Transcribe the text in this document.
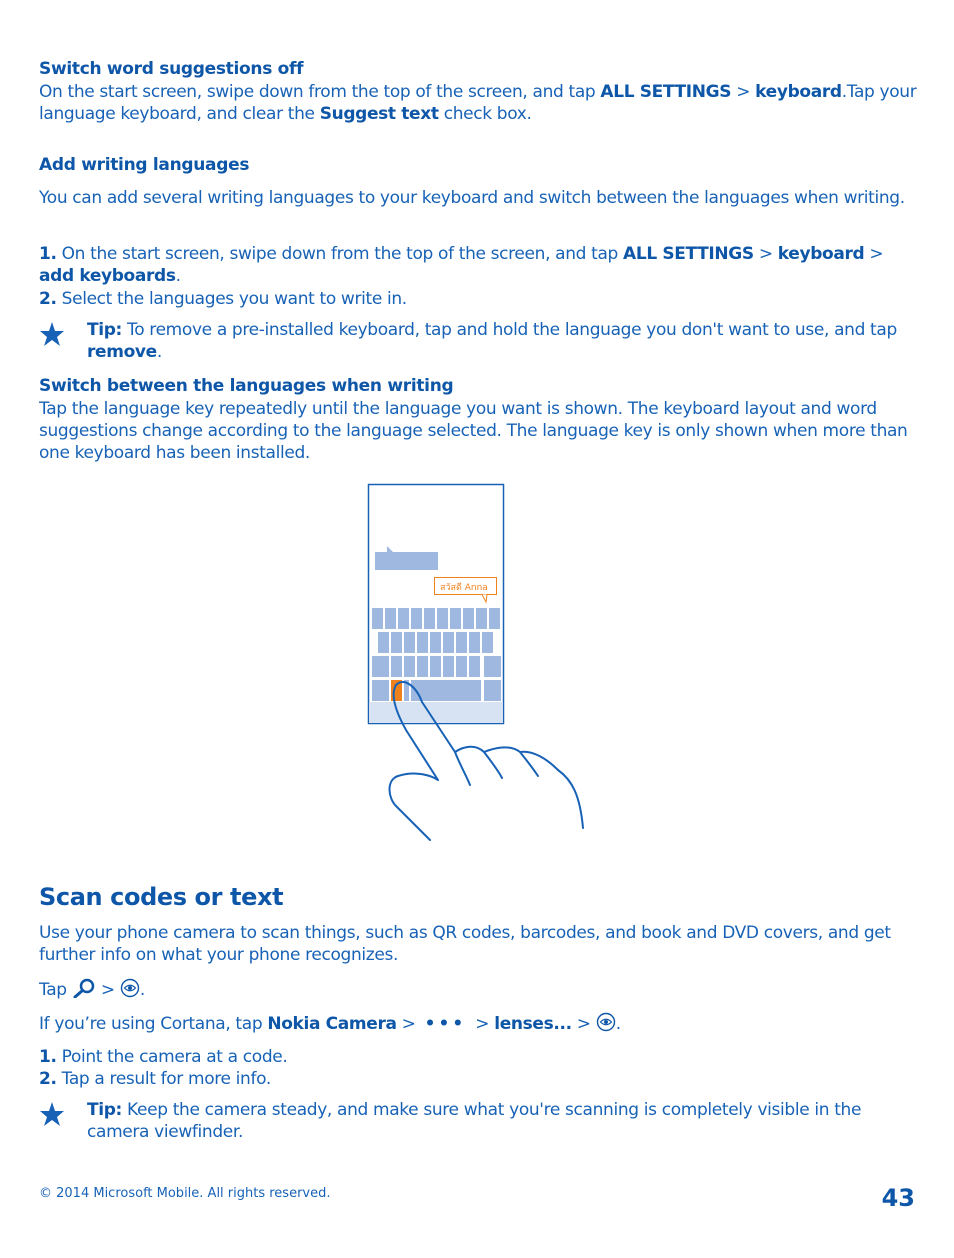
Switch word suggestions off
On the start screen, swipe down from the top of the screen, and tap ALL SETTINGS > keyboard.Tap your language keyboard, and clear the Suggest text check box.
Add writing languages
You can add several writing languages to your keyboard and switch between the languages when writing.
1. On the start screen, swipe down from the top of the screen, and tap ALL SETTINGS > keyboard > add keyboards.
2. Select the languages you want to write in.
Tip: To remove a pre-installed keyboard, tap and hold the language you don't want to use, and tap remove.
Switch between the languages when writing
Tap the language key repeatedly until the language you want is shown. The keyboard layout and word suggestions change according to the language selected. The language key is only shown when more than one keyboard has been installed.
สวัสดี Anna
Scan codes or text
Use your phone camera to scan things, such as QR codes, barcodes, and book and DVD covers, and get further info on what your phone recognizes.
Tap  > .
If you’re using Cortana, tap Nokia Camera > ••• > lenses... > .
1. Point the camera at a code.
2. Tap a result for more info.
Tip: Keep the camera steady, and make sure what you're scanning is completely visible in the camera viewfinder.
© 2014 Microsoft Mobile. All rights reserved.	43
